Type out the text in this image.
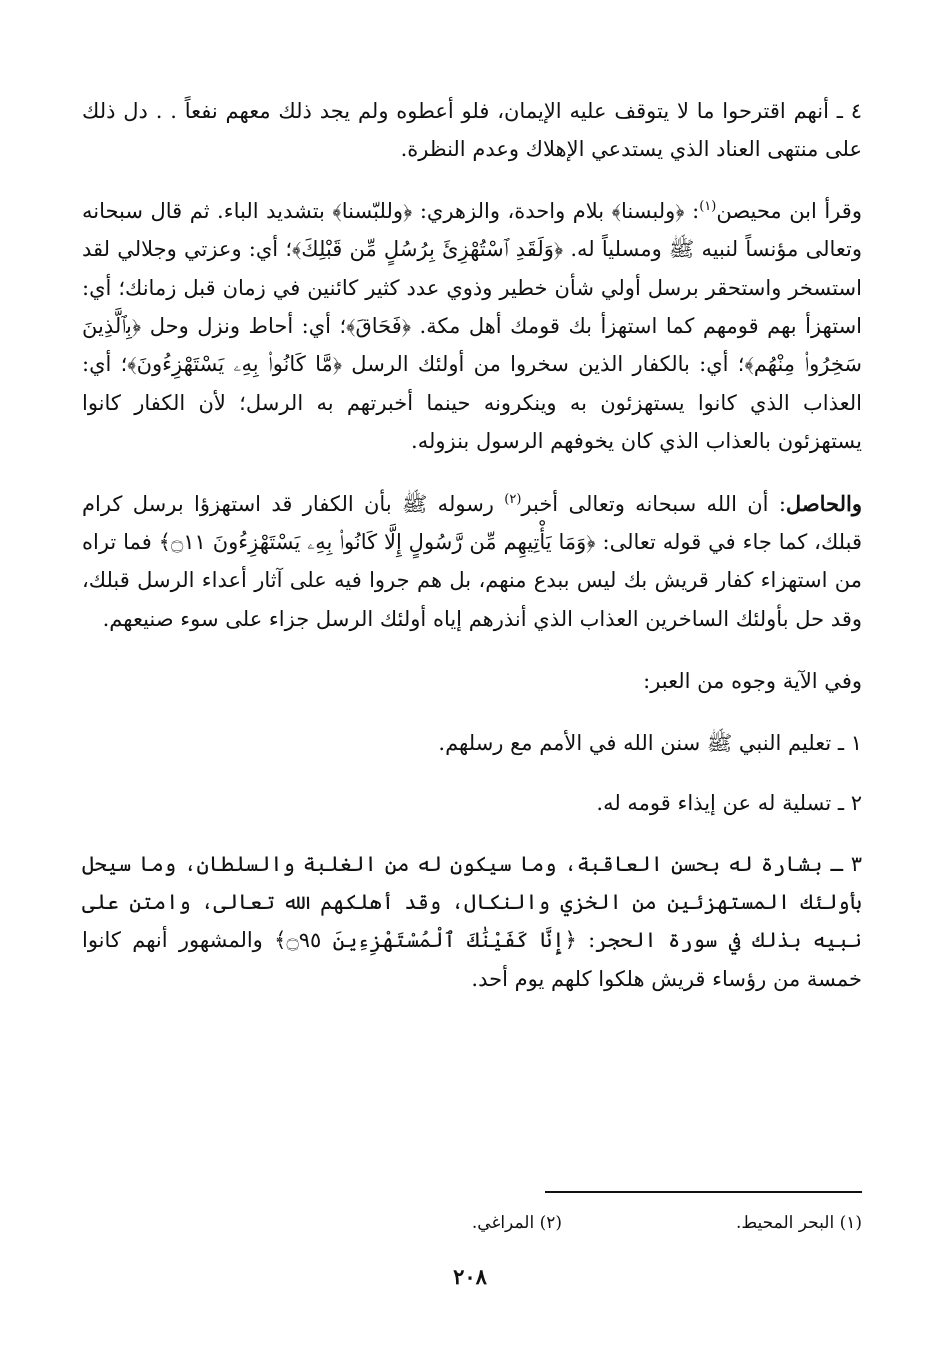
٤ ـ أنهم اقترحوا ما لا يتوقف عليه الإيمان، فلو أعطوه ولم يجد ذلك معهم نفعاً . . دل ذلك على منتهى العناد الذي يستدعي الإهلاك وعدم النظرة.

وقرأ ابن محيصن$^{(١)}$: ﴿ولبسنا﴾ بلام واحدة، والزهري: ﴿وللبّسنا﴾ بتشديد الباء. ثم قال سبحانه وتعالى مؤنساً لنبيه ﷺ ومسلياً له. ﴿وَلَقَدِ ٱسْتُهْزِئَ بِرُسُلٍ مِّن قَبْلِكَ﴾؛ أي: وعزتي وجلالي لقد استسخر واستحقر برسل أولي شأن خطير وذوي عدد كثير كائنين في زمان قبل زمانك؛ أي: استهزأ بهم قومهم كما استهزأ بك قومك أهل مكة. ﴿فَحَاقَ﴾؛ أي: أحاط ونزل وحل ﴿بِٱلَّذِينَ سَخِرُوا۟ مِنْهُم﴾؛ أي: بالكفار الذين سخروا من أولئك الرسل ﴿مَّا كَانُوا۟ بِهِۦ يَسْتَهْزِءُونَ﴾؛ أي: العذاب الذي كانوا يستهزئون به وينكرونه حينما أخبرتهم به الرسل؛ لأن الكفار كانوا يستهزئون بالعذاب الذي كان يخوفهم الرسول بنزوله.

والحاصل: أن الله سبحانه وتعالى أخبر$^{(٢)}$ رسوله ﷺ بأن الكفار قد استهزؤا برسل كرام قبلك، كما جاء في قوله تعالى: ﴿وَمَا يَأْتِيهِم مِّن رَّسُولٍ إِلَّا كَانُوا۟ بِهِۦ يَسْتَهْزِءُونَ ۝١١﴾ فما تراه من استهزاء كفار قريش بك ليس ببدع منهم، بل هم جروا فيه على آثار أعداء الرسل قبلك، وقد حل بأولئك الساخرين العذاب الذي أنذرهم إياه أولئك الرسل جزاء على سوء صنيعهم.

وفي الآية وجوه من العبر:

١ ـ تعليم النبي ﷺ سنن الله في الأمم مع رسلهم.

٢ ـ تسلية له عن إيذاء قومه له.

٣ ـ بشارة له بحسن العاقبة، وما سيكون له من الغلبة والسلطان، وما سيحل بأولئك المستهزئين من الخزي والنكال، وقد أهلكهم الله تعالى، وامتن على نبيه بذلك في سورة الحجر: ﴿إِنَّا كَفَيْنَٰكَ ٱلْمُسْتَهْزِءِينَ ۝٩٥﴾ والمشهور أنهم كانوا خمسة من رؤساء قريش هلكوا كلهم يوم أحد.

(١) البحر المحيط.
(٢) المراغي.
٢٠٨
